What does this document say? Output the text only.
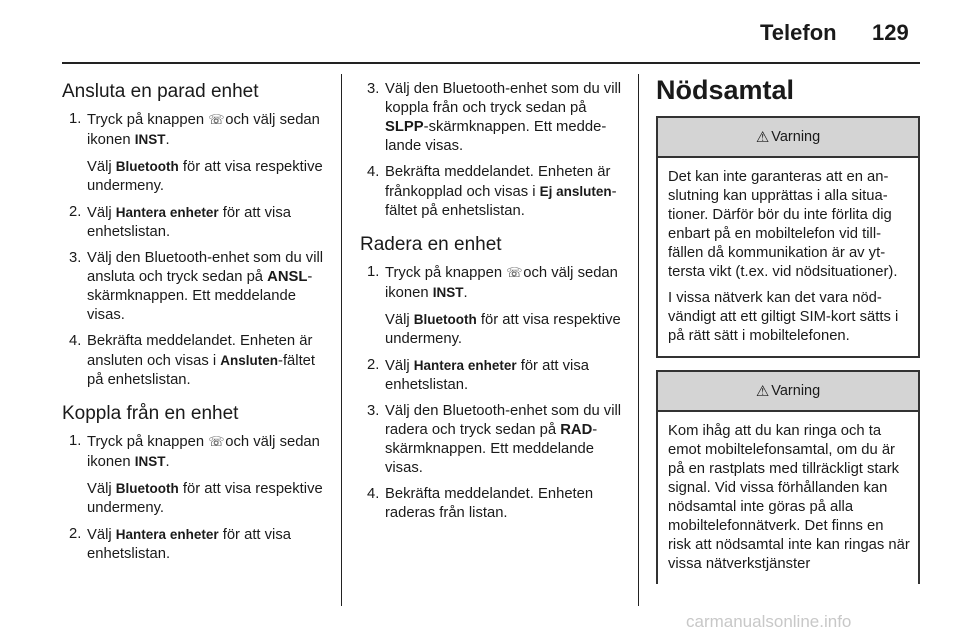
Telefon 129
Ansluta en parad enhet
1. Tryck på knappen ☏ och välj sedan ikonen INST.

Välj Bluetooth för att visa respektive undermeny.

2. Välj Hantera enheter för att visa enhetslistan.

3. Välj den Bluetooth-enhet som du vill ansluta och tryck sedan på ANSL-skärmknappen. Ett meddelande visas.

4. Bekräfta meddelandet. Enheten är ansluten och visas i Ansluten-fältet på enhetslistan.

Koppla från en enhet
1. Tryck på knappen ☏ och välj sedan ikonen INST.

Välj Bluetooth för att visa respektive undermeny.

2. Välj Hantera enheter för att visa enhetslistan.

3. Välj den Bluetooth-enhet som du vill koppla från och tryck sedan på SLPP-skärmknappen. Ett meddelande visas.

4. Bekräfta meddelandet. Enheten är frånkopplad och visas i Ej ansluten-fältet på enhetslistan.

Radera en enhet
1. Tryck på knappen ☏ och välj sedan ikonen INST.

Välj Bluetooth för att visa respektive undermeny.

2. Välj Hantera enheter för att visa enhetslistan.

3. Välj den Bluetooth-enhet som du vill radera och tryck sedan på RAD-skärmknappen. Ett meddelande visas.

4. Bekräfta meddelandet. Enheten raderas från listan.

Nödsamtal
⚠ Varning

Det kan inte garanteras att en anslutning kan upprättas i alla situationer. Därför bör du inte förlita dig enbart på en mobiltelefon vid tillfällen då kommunikation är av yttersta vikt (t.ex. vid nödsituationer).

I vissa nätverk kan det vara nödvändigt att ett giltigt SIM-kort sätts i på rätt sätt i mobiltelefonen.

⚠ Varning

Kom ihåg att du kan ringa och ta emot mobiltelefonsamtal, om du är på en rastplats med tillräckligt stark signal. Vid vissa förhållanden kan nödsamtal inte göras på alla mobiltelefonnätverk. Det finns en risk att nödsamtal inte kan ringas när vissa nätverkstjänster

carmanualsonline.info
